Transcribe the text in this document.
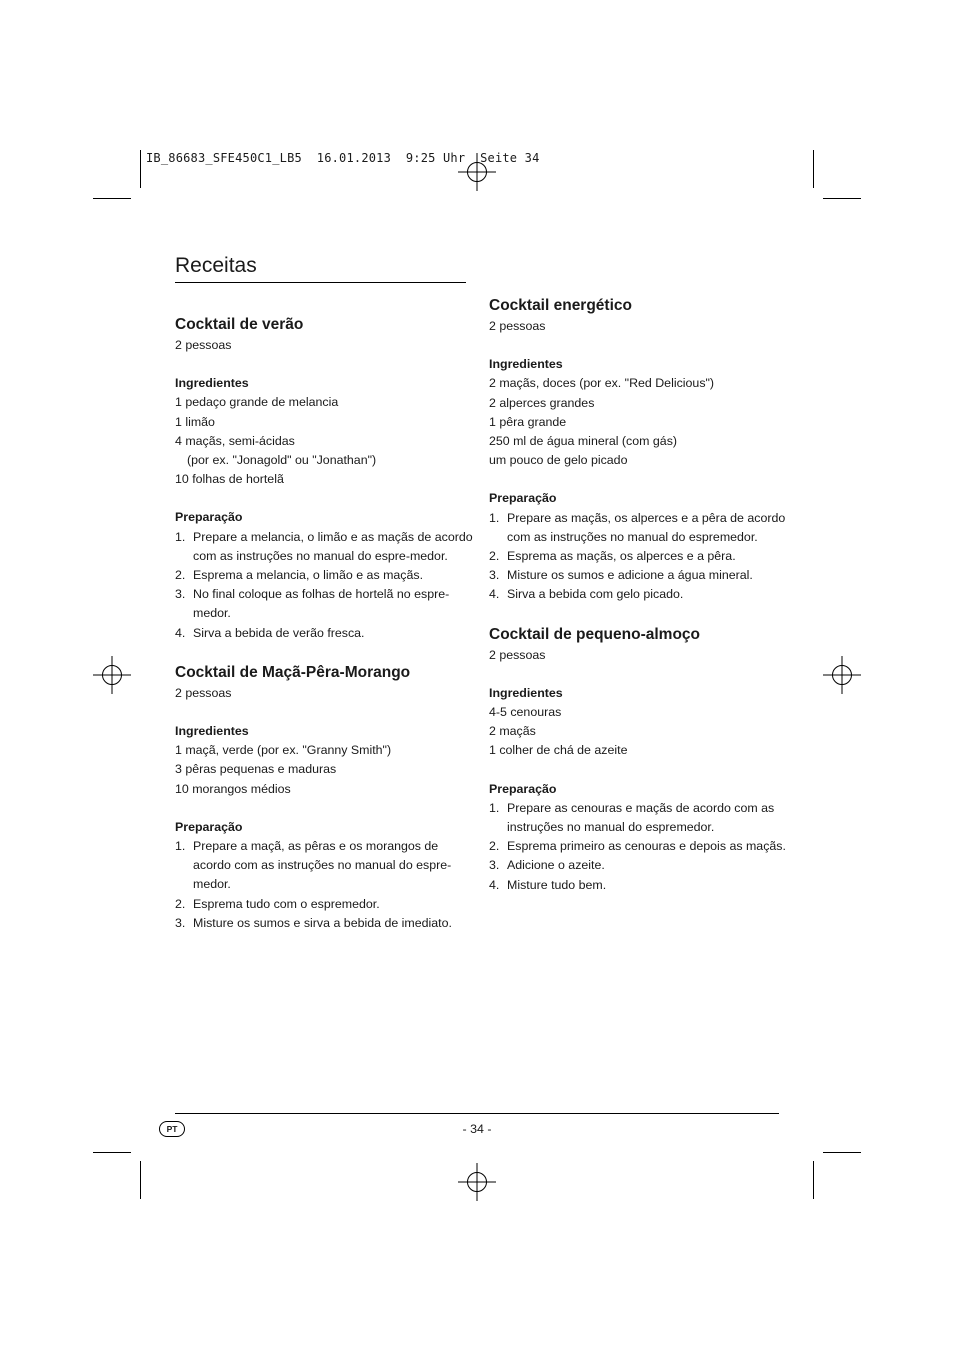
IB_86683_SFE450C1_LB5  16.01.2013  9:25 Uhr  Seite 34
Receitas
Cocktail de verão
2 pessoas
Ingredientes
1 pedaço grande de melancia
1 limão
4 maçãs, semi-ácidas
(por ex. "Jonagold" ou "Jonathan")
10 folhas de hortelã
Preparação
1. Prepare a melancia, o limão e as maçãs de acordo com as instruções no manual do espre-medor.
2. Esprema a melancia, o limão e as maçãs.
3. No final coloque as folhas de hortelã no espre-medor.
4. Sirva a bebida de verão fresca.
Cocktail de Maçã-Pêra-Morango
2 pessoas
Ingredientes
1 maçã, verde (por ex. "Granny Smith")
3 pêras pequenas e maduras
10 morangos médios
Preparação
1. Prepare a maçã, as pêras e os morangos de acordo com as instruções no manual do espre-medor.
2. Esprema tudo com o espremedor.
3. Misture os sumos e sirva a bebida de imediato.
Cocktail energético
2 pessoas
Ingredientes
2 maçãs, doces (por ex. "Red Delicious")
2 alperces grandes
1 pêra grande
250 ml de água mineral (com gás)
um pouco de gelo picado
Preparação
1. Prepare as maçãs, os alperces e a pêra de acordo com as instruções no manual do espremedor.
2. Esprema as maçãs, os alperces e a pêra.
3. Misture os sumos e adicione a água mineral.
4. Sirva a bebida com gelo picado.
Cocktail de pequeno-almoço
2 pessoas
Ingredientes
4-5 cenouras
2 maçãs
1 colher de chá de azeite
Preparação
1. Prepare as cenouras e maçãs de acordo com as instruções no manual do espremedor.
2. Esprema primeiro as cenouras e depois as maçãs.
3. Adicione o azeite.
4. Misture tudo bem.
PT	- 34 -
